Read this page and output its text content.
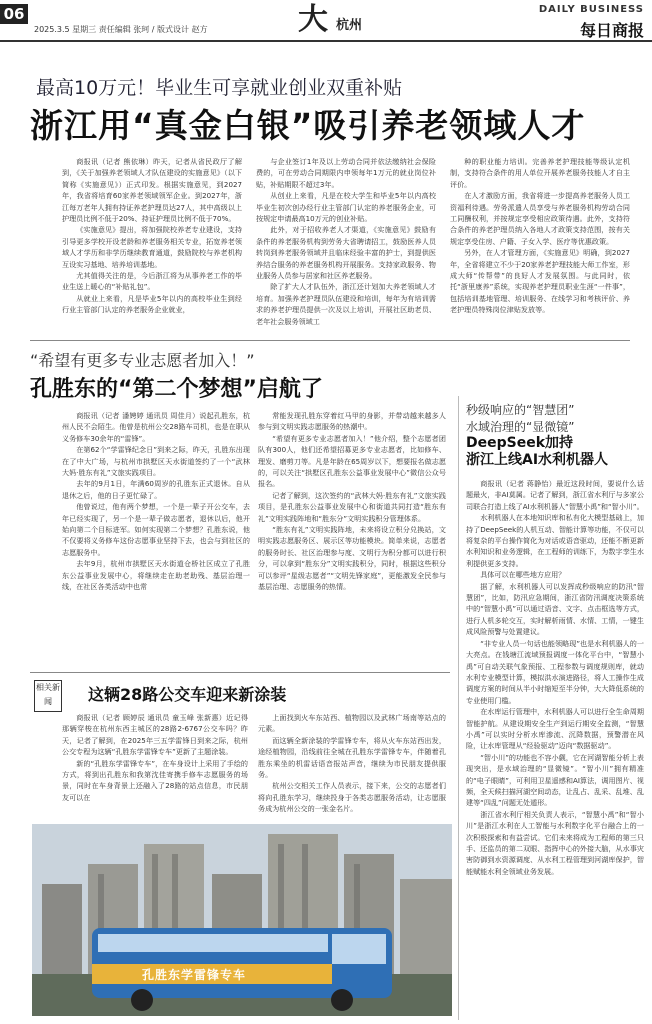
06
2025.3.5 星期三 责任编辑 张珂 / 版式设计 赵方	大 杭州
DAILY BUSINESS
每日商报
最高10万元！毕业生可享就业创业双重补贴
浙江用“真金白银”吸引养老领域人才

商报讯（记者 熊依琳）昨天，记者从省民政厅了解到，《关于加强养老领域人才队伍建设的实施意见》（以下简称《实施意见》）正式印发。根据实施意见，到2027年，我省将培育60家养老领域领军企业。到2027年，浙江每万老年人拥有持证养老护理员达27人，其中高级以上护理员比例不低于20%、持证护理员比例不低于70%。

《实施意见》提出，将加强院校养老专业建设，支持引导更多学校开设老龄和养老服务相关专业，拓宽养老领域人才学历和非学历继续教育通道，鼓励院校与养老机构互设实习基地、培养培训基地。

尤其值得关注的是，今后浙江将为从事养老工作的毕业生送上暖心的“补贴礼包”。

从就业上来看，凡是毕业5年以内的高校毕业生到经行业主管部门认定的养老服务企业就业，

与企业签订1年及以上劳动合同并依法缴纳社会保险费的，可在劳动合同期限内申领每年1万元的就业岗位补贴，补贴期限不超过3年。

从创业上来看，凡是在校大学生和毕业5年以内高校毕业生初次创办经行业主管部门认定的养老服务企业，可按规定申请最高10万元的创业补贴。

此外，对于招收养老人才渠道，《实施意见》鼓励有条件的养老服务机构到劳务大省聘请招工，鼓励医养人员转岗到养老服务领域并且临床经验丰富的护士，到提供医养结合服务的养老服务机构开展服务。支持家政服务、物业服务人员参与居家和社区养老服务。

除了扩大人才队伍外，浙江还计划加大养老领域人才培育。加强养老护理员队伍建设和培训，每年为有培训需求的养老护理员提供一次及以上培训，开展社区助老员、老年社会服务领域工

种的职业能力培训。完善养老护理技能等级认定机制，支持符合条件的用人单位开展养老服务技能人才自主评价。

在人才激励方面，我省将进一步提高养老服务人员工资福利待遇。劳务派遣人员享受与养老服务机构劳动合同工同酬权利，并按规定享受相应政策待遇。此外，支持符合条件的养老护理员纳入各地人才政策支持范围，按有关规定享受住房、户籍、子女入学、医疗等优惠政策。

另外，在人才管理方面，《实施意见》明确，到2027年，全省将建立不少于20家养老护理技能大师工作室，形成大师“传帮带”的良好人才发展氛围。与此同时，依托“浙里康养”系统，实现养老护理员职业生涯“一件事”，包括培训基地管理、培训服务、在线学习和考核评价、养老护理员特殊岗位津贴发放等。

“希望有更多专业志愿者加入！”
孔胜东的“第二个梦想”启航了

商报讯（记者 潘娉婷 通讯员 周佳月）说起孔胜东，杭州人民不会陌生。他曾是杭州公交28路车司机，也是在职从义务修车30余年的“雷锋”。

在第62个“学雷锋纪念日”到来之际，昨天，孔胜东出现在了中大广场，与杭州市拱墅区天水街道签约了一个“武林大妈·胜东有礼”文旅实践项目。

去年的9月1日，年满60周岁的孔胜东正式退休。自从退休之后，他的日子更忙碌了。

他曾说过，他有两个梦想，一个是一辈子开公交车，去年已经实现了，另一个是一辈子做志愿者，退休以后，他开始向第二个目标进军。如何实现第二个梦想？孔胜东说，他不仅要将义务修车这份志愿事业坚持下去，也会与到社区的志愿服务中。

去年9月，杭州市拱墅区天水街道仓桥社区成立了孔胜东公益事业发展中心，将继续走在助老助残、基层治理一线，在社区各类活动中也常

常能发现孔胜东穿着红马甲的身影，并带动越来越多人参与到文明实践志愿服务的热潮中。

“希望有更多专业志愿者加入！”他介绍，整个志愿者团队有300人，他们还希望招募更多专业志愿者，比如修车、理发、磨剪刀等。凡是年龄在65周岁以下，想要报名做志愿的，可以关注“拱墅区孔胜东公益事业发展中心”微信公众号报名。

记者了解到，这次签约的“武林大妈·胜东有礼”文旅实践项目，是孔胜东公益事业发展中心和街道共同打造“胜东有礼”文明实践阵地和“胜东分”文明实践积分管理体系。

“胜东有礼”文明实践阵地，未来将设立积分兑换站，文明实践志愿服务区、展示区等功能模块。简单来说，志愿者的服务时长、社区治理参与度、文明行为积分都可以进行积分，可以拿到“胜东分”文明实践积分，同时，根据这些积分可以参评“星级志愿者”“文明先锋家庭”，更能激发全民参与基层治理、志愿服务的热情。

秒级响应的“智慧团”
水域治理的“显微镜”
DeepSeek加持
浙江上线AI水利机器人

商报讯（记者 蒋静怡）最近这段时间，要说什么话题最火，非AI莫属。记者了解到，浙江省水利厅与多家公司联合打造上线了AI水利机器人“智慧小禹”和“智小川”。

水利机器人在本地知识库和私有化大模型基础上，加持了DeepSeek的人机互动、智能计算等功能，不仅可以将复杂的平台操作简化为对话或语音驱动，还能不断更新水利知识和业务逻辑，在工程师的训练下，为数字孪生水利提供更多支持。

具体可以在哪些地方应用？

据了解，水利机器人可以发挥成秒级响应的防汛“智慧团”，比如，防汛应急期间，浙江省防汛调度决策系统中的“智慧小禹”可以通过语音、文字、点击框选等方式，进行人机多轮交互，实时解析雨情、水情、工情，一键生成风险预警与处置建议。

“非专业人员一句话也能领略现”也是水利机器人的一大亮点。在钱塘江流域预报调度一体化平台中，“智慧小禹”可自动关联气象预报、工程参数与调度规则库，就动水利专业模型计算，模拟洪水演进路径，将人工操作生成调度方案的时间从半小时缩短至半分钟，大大降低系统的专业使用门槛。

在水库运行管理中，水利机器人可以进行全生命周期智能护航。从建设期安全生产到运行期安全监测，“智慧小禹”可以实时分析水库渗流、沉降数据，预警潜在风险，让水库管理从“经验驱动”迈向“数据驱动”。

“智小川”的功能也不容小觑，它在河湖智能分析上表现突出，是水域治理的“显微镜”。“智小川”拥有精准的“电子眼睛”，可利用卫星遥感和AI算法，调用图片、视频，全天候扫描河湖空间动态，让乱占、乱采、乱堆、乱建等“四乱”问题无处遁形。

浙江省水利厅相关负责人表示，“智慧小禹”和“智小川”是浙江水利在人工智能与水利数字化平台融合上的一次积极探索和有益尝试。它们未来将成为工程师的第三只手、还监员的第二双眼、指挥中心的外接大脑，从水事灾害防御到水资源调度、从水利工程管理到河湖库保护，智能赋能水利全领域业务发展。

相关新闻	这辆28路公交车迎来新涂装

商报讯（记者 顾婷辰 通讯员 童玉峰 张新惠）近记得那辆穿梭在杭州东西主城区的28路2-6767公交车吗？昨天，记者了解到，在2025年三五学雷锋日到来之际，杭州公交专程为这辆“孔胜东学雷锋专车”更新了主题涂装。

新的“孔胜东学雷锋专车”，在车身设计上采用了手绘的方式，将到出孔胜东和我第沈佳寄携手修车志愿服务的场景，同时在车身背景上还融入了28路的站点信息，市民朋友可以在

上面找到火车东站西、植物园以及武林广场南等站点的元素。

而这辆全新涂装的学雷锋专车，将从火车东站西出发，途经植物园，沿线前往全城在孔胜东学雷锋专车，伴随着孔胜东乘坐的机雷话语音报站声音，继续为市民朋友提供服务。

杭州公交相关工作人员表示，接下来，公交的志愿者们将向孔胜东学习，继续投身于各类志愿服务活动，让志愿服务成为杭州公交的一张金名片。

孔胜东学雷锋专车
